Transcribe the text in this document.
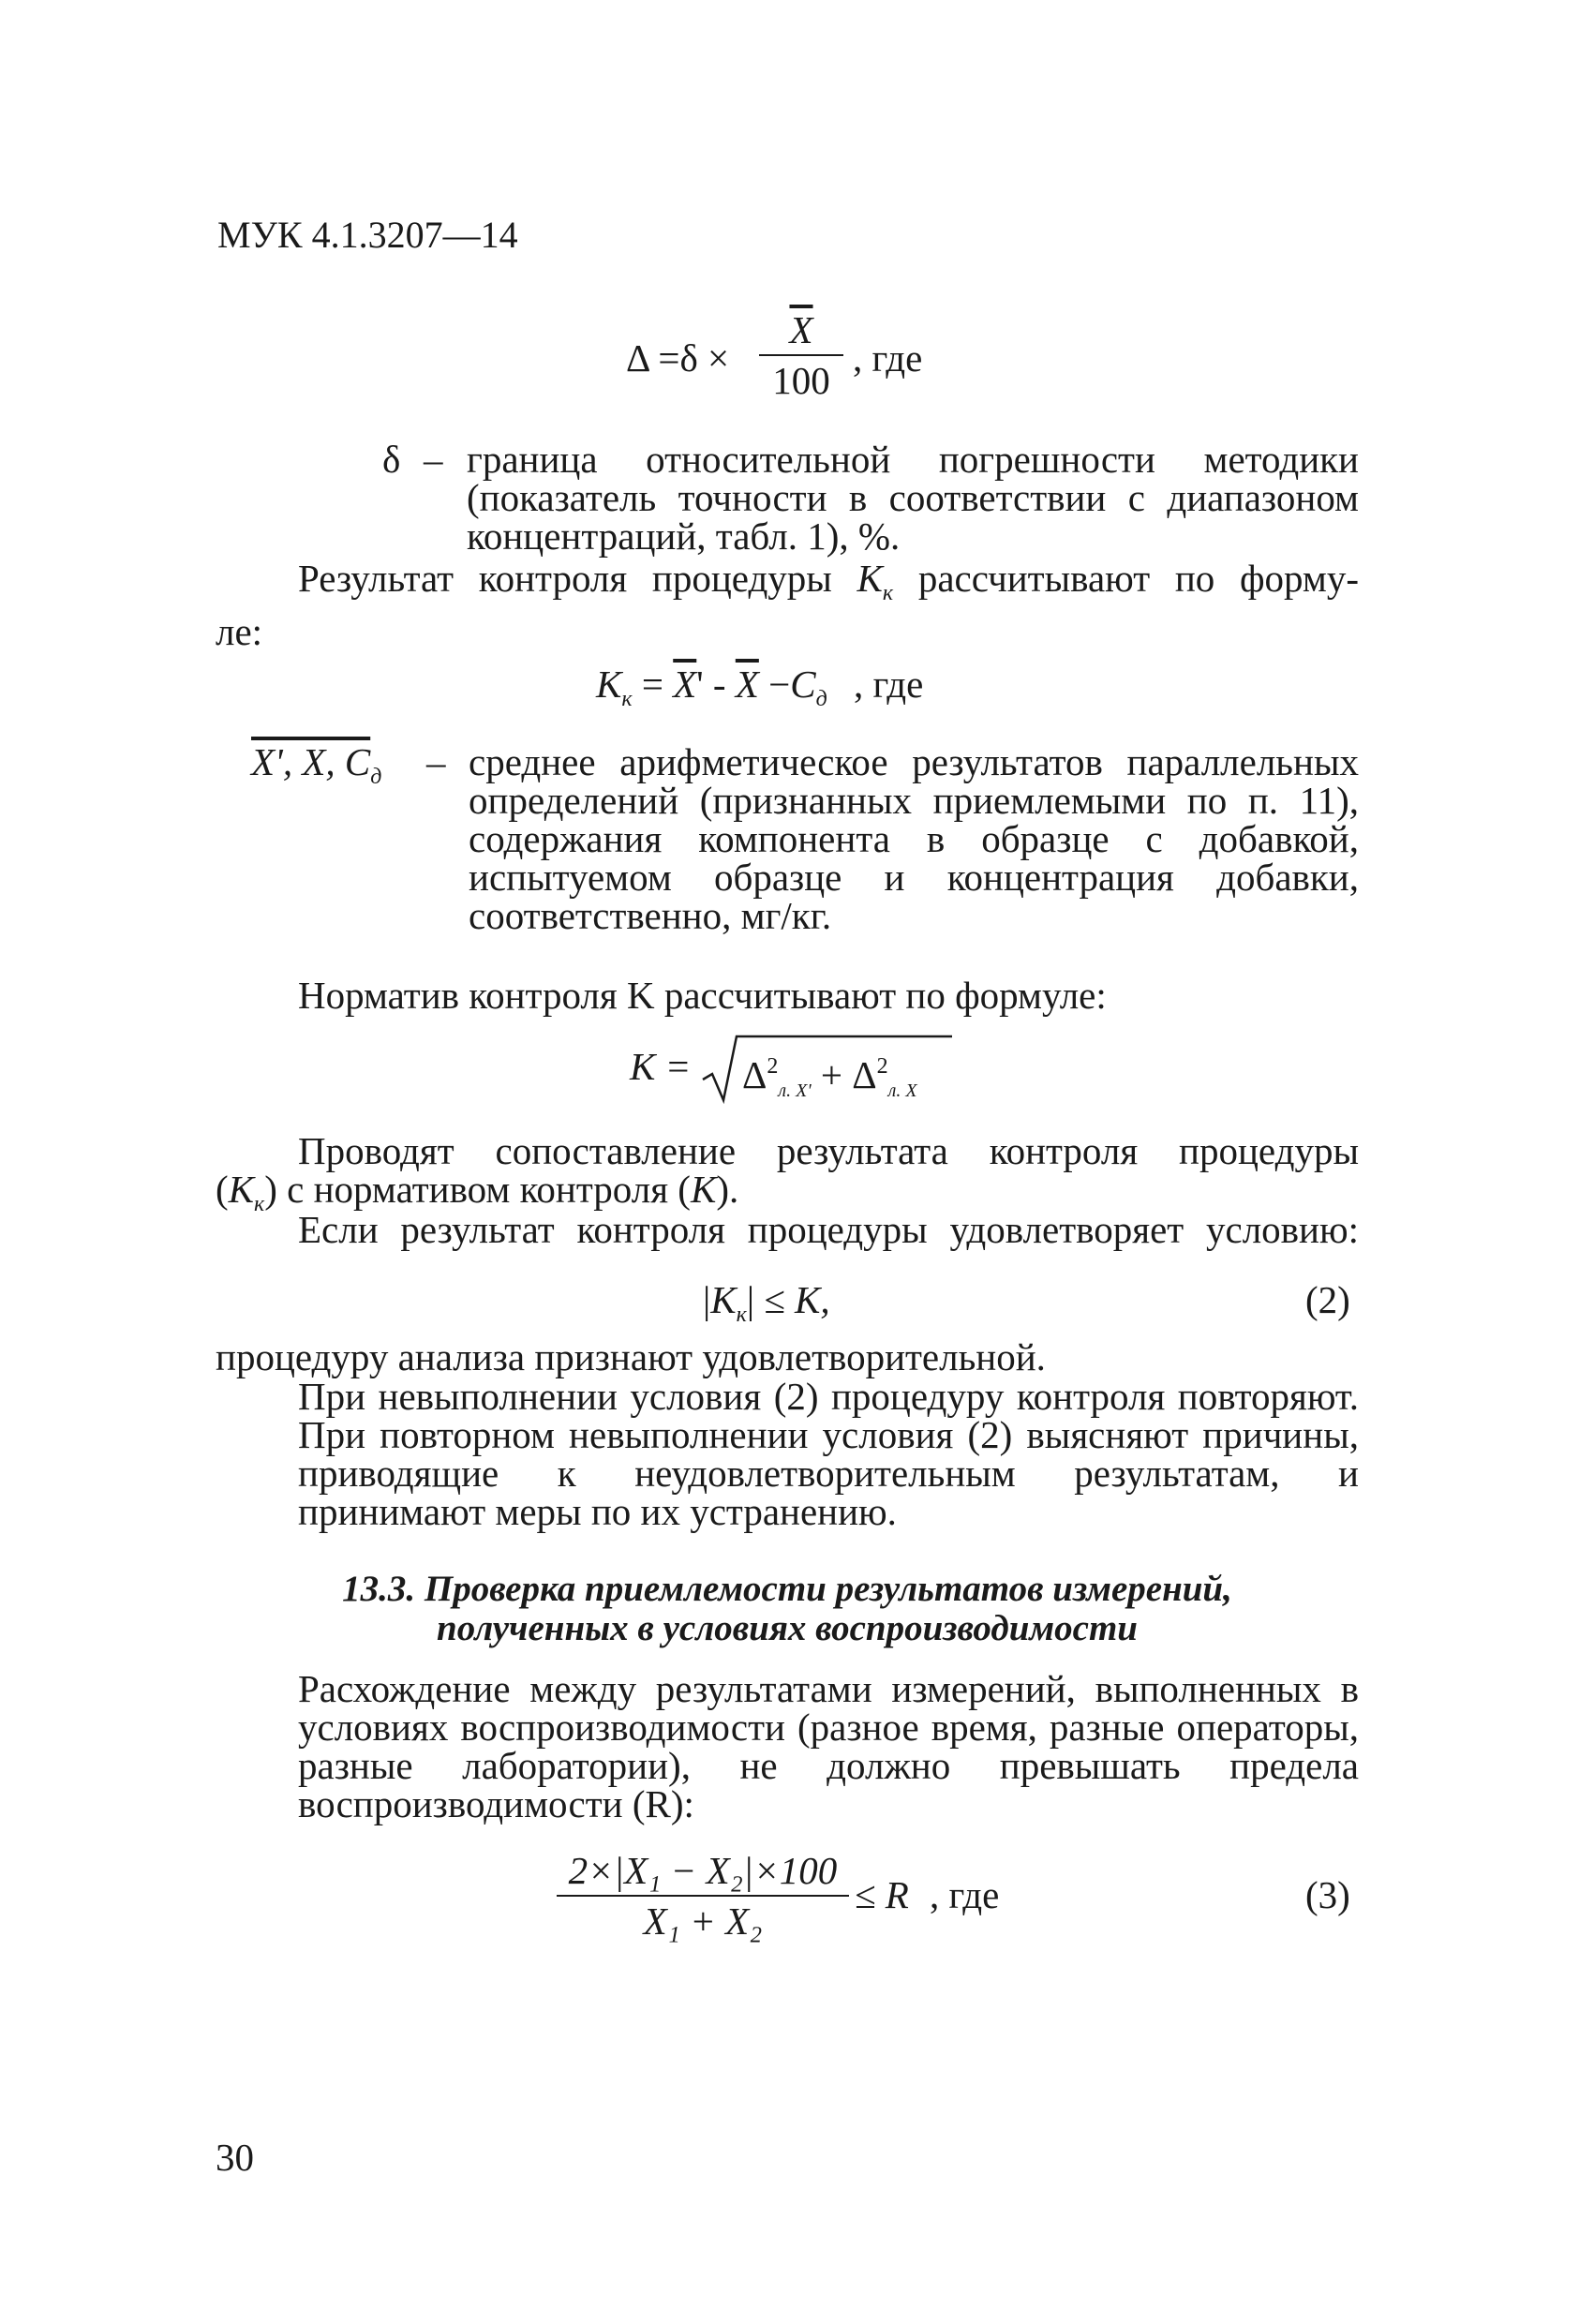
МУК 4.1.3207—14
Δ =δ ×
$\overline{X}$
100
, где
δ – граница относительной погрешности методики (показатель точности в соответствии с диапазоном концентраций, табл. 1), %.

Результат контроля процедуры $K_к$ рассчитывают по форму-

ле:

$K_к = \overline{X}' - \overline{X} -C_д$ , где
X', X, $C_д$ – среднее арифметическое результатов параллельных определений (признанных приемлемыми по п. 11), содержания компонента в образце с добавкой, испытуемом образце и концентрация добавки, соответственно, мг/кг.

Норматив контроля K рассчитывают по формуле:
$K = \Delta^2_{л. X'} + \Delta^2_{л. X}$

Проводят сопоставление результата контроля процедуры

$(K_к)$ с нормативом контроля (K).

Если результат контроля процедуры удовлетворяет условию:

$|K_к| \le K$,	(2)

процедуру анализа признают удовлетворительной.

При невыполнении условия (2) процедуру контроля повторяют. При повторном невыполнении условия (2) выясняют причины, приводящие к неудовлетворительным результатам, и принимают меры по их устранению.

13.3. Проверка приемлемости результатов измерений,

полученных в условиях воспроизводимости

Расхождение между результатами измерений, выполненных в условиях воспроизводимости (разное время, разные операторы, разные лаборатории), не должно превышать предела воспроизводимости (R):

2×|X₁ − X₂|×100
X₁ + X₂
≤ R , где	(3)
30
